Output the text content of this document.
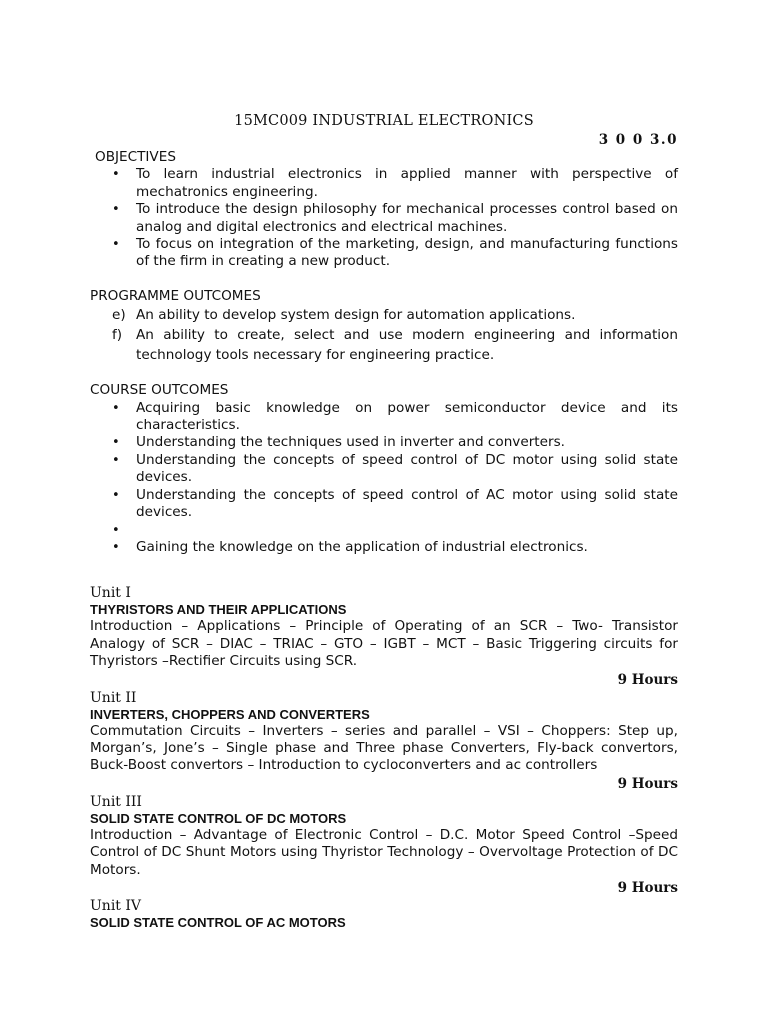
15MC009 INDUSTRIAL ELECTRONICS

3 0 0 3.0

OBJECTIVES

• To learn industrial electronics in applied manner with perspective of mechatronics engineering.
• To introduce the design philosophy for mechanical processes control based on analog and digital electronics and electrical machines.
• To focus on integration of the marketing, design, and manufacturing functions of the firm in creating a new product.

PROGRAMME OUTCOMES

e) An ability to develop system design for automation applications.
f) An ability to create, select and use modern engineering and information technology tools necessary for engineering practice.

COURSE OUTCOMES

• Acquiring basic knowledge on power semiconductor device and its characteristics.
• Understanding the techniques used in inverter and converters.
• Understanding the concepts of speed control of DC motor using solid state devices.
• Understanding the concepts of speed control of AC motor using solid state devices.
•
• Gaining the knowledge on the application of industrial electronics.

Unit I

THYRISTORS AND THEIR APPLICATIONS

Introduction – Applications – Principle of Operating of an SCR – Two- Transistor Analogy of SCR – DIAC – TRIAC – GTO – IGBT – MCT – Basic Triggering circuits for Thyristors –Rectifier Circuits using SCR.

9 Hours

Unit II

INVERTERS, CHOPPERS AND CONVERTERS

Commutation Circuits – Inverters – series and parallel – VSI – Choppers: Step up, Morgan’s, Jone’s – Single phase and Three phase Converters, Fly-back convertors, Buck-Boost convertors – Introduction to cycloconverters and ac controllers

9 Hours

Unit III

SOLID STATE CONTROL OF DC MOTORS

Introduction – Advantage of Electronic Control – D.C. Motor Speed Control –Speed Control of DC Shunt Motors using Thyristor Technology – Overvoltage Protection of DC Motors.

9 Hours

Unit IV

SOLID STATE CONTROL OF AC MOTORS
